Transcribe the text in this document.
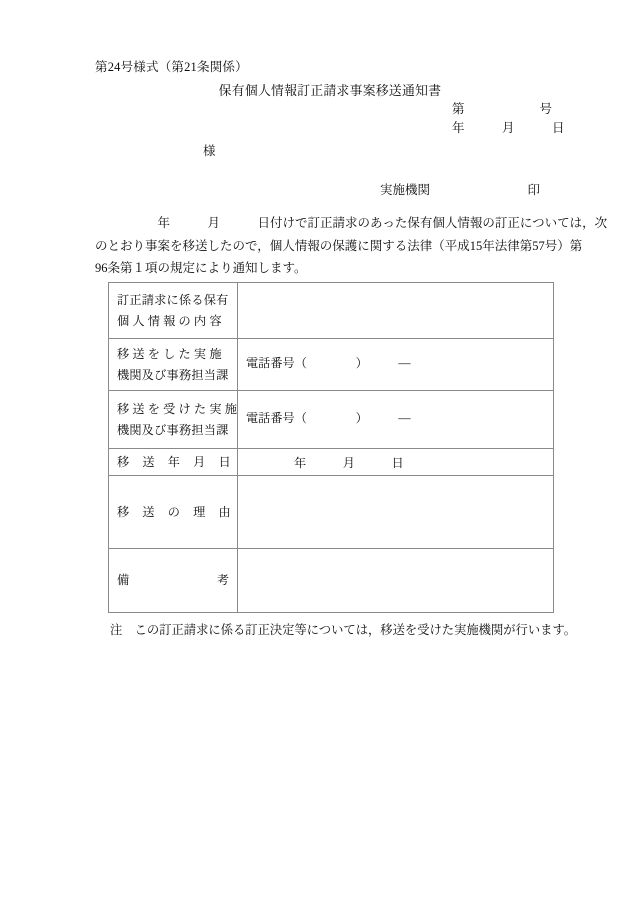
第24号様式（第21条関係）
保有個人情報訂正請求事案移送通知書
第　　　　　　号
年　　　月　　　日
様
実施機関	印
　　　　　年　　　月　　　日付けで訂正請求のあった保有個人情報の訂正については，次
のとおり事案を移送したので，個人情報の保護に関する法律（平成15年法律第57号）第
96条第１項の規定により通知します。
訂正請求に係る保有
個人情報の内容	

移送をした実施
機関及び事務担当課	電話番号（　　　　）　　　—

移送を受けた実施
機関及び事務担当課	電話番号（　　　　）　　　—

移送年月日	年　　　月　　　日

移送の理由	

備 考	

注　この訂正請求に係る訂正決定等については，移送を受けた実施機関が行います。
